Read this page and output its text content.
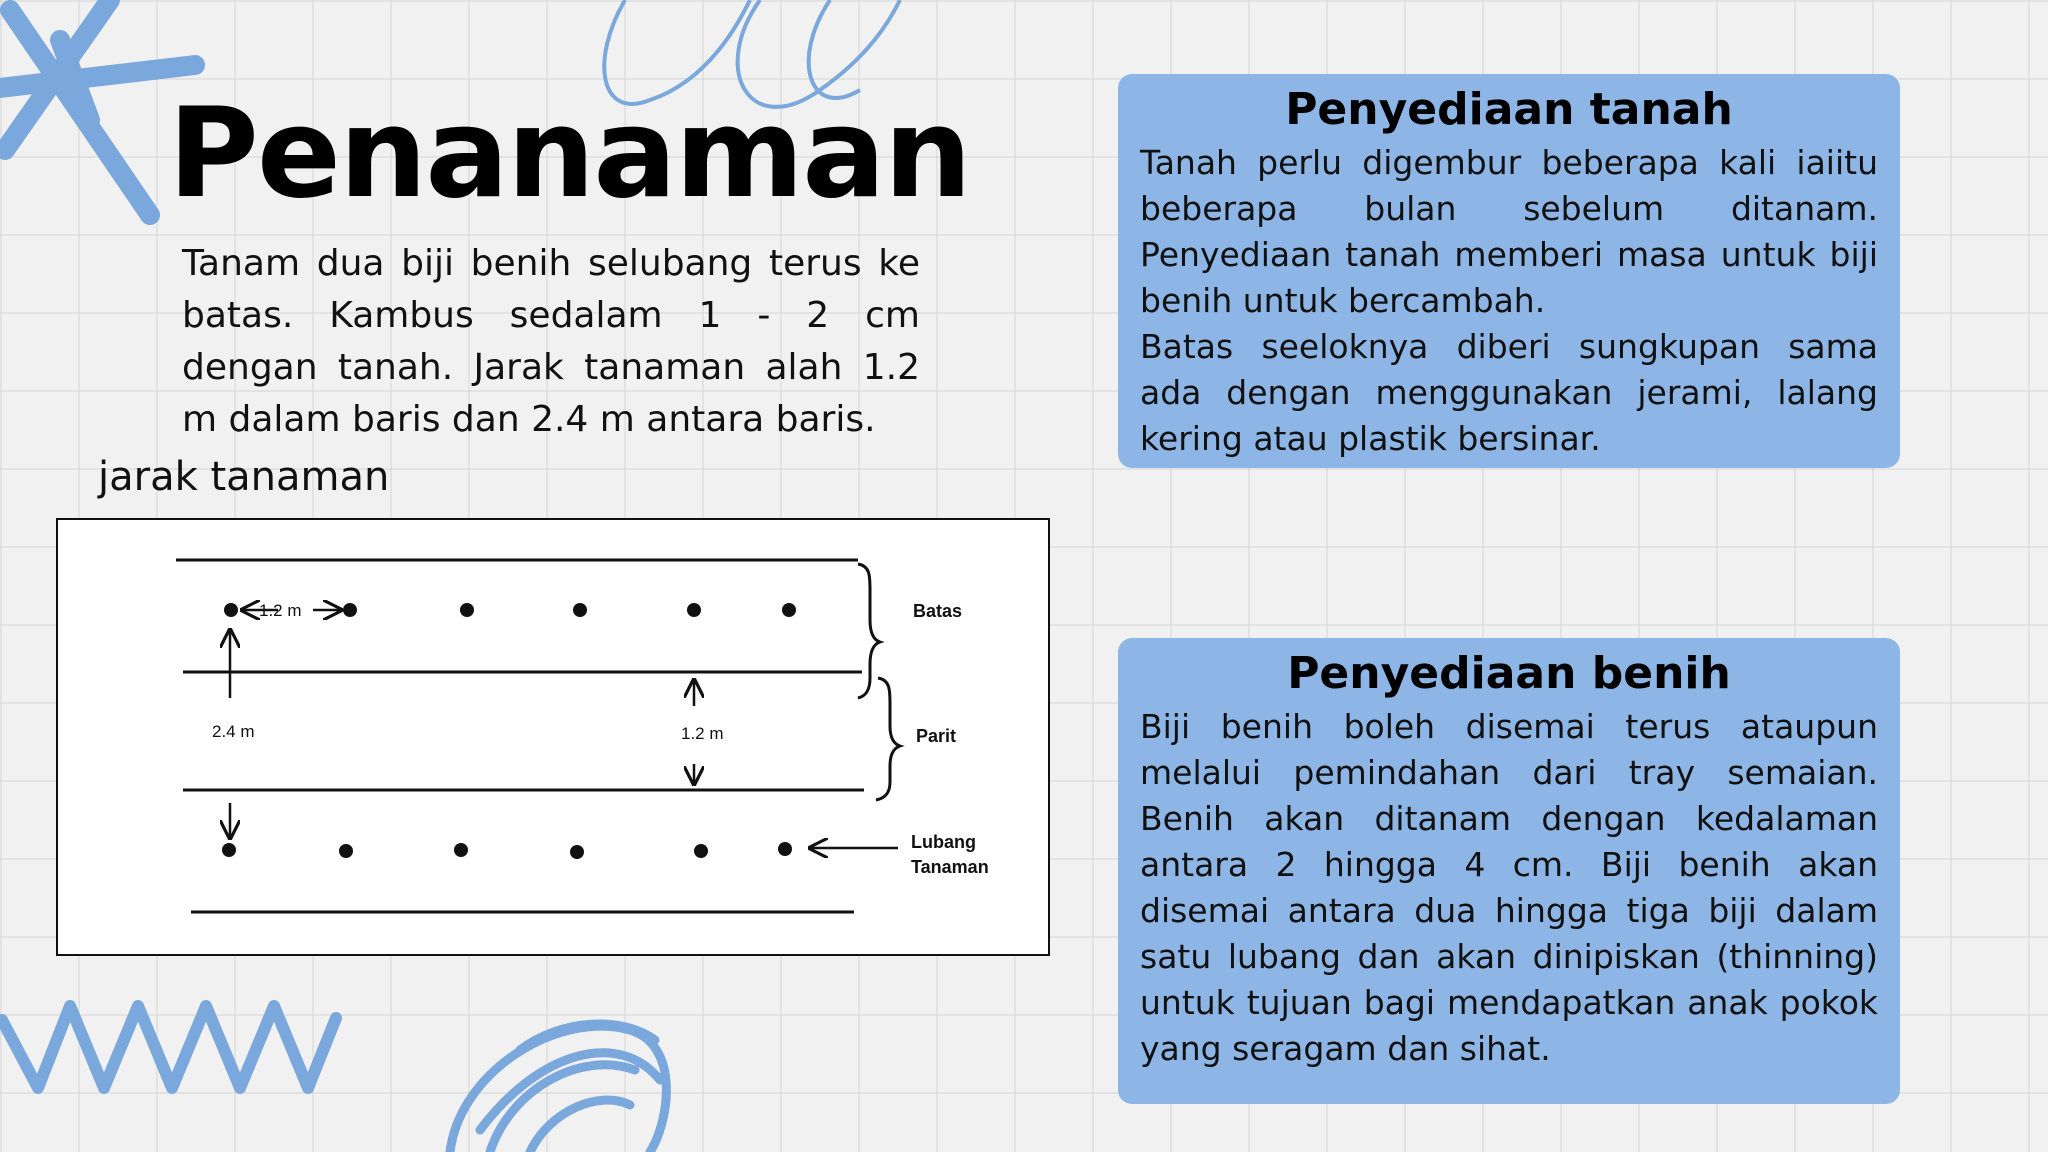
Penanaman

Tanam dua biji benih selubang terus ke batas. Kambus sedalam 1 - 2 cm dengan tanah. Jarak tanaman alah 1.2 m dalam baris dan 2.4 m antara baris.

jarak tanaman

1.2 m
2.4 m	1.2 m
Batas
Parit
Lubang
Tanaman
Penyediaan tanah

Tanah perlu digembur beberapa kali iaiitu beberapa bulan sebelum ditanam. Penyediaan tanah memberi masa untuk biji benih untuk bercambah.

Batas seeloknya diberi sungkupan sama ada dengan menggunakan jerami, lalang kering atau plastik bersinar.

Penyediaan benih

Biji benih boleh disemai terus ataupun melalui pemindahan dari tray semaian. Benih akan ditanam dengan kedalaman antara 2 hingga 4 cm. Biji benih akan disemai antara dua hingga tiga biji dalam satu lubang dan akan dinipiskan (thinning) untuk tujuan bagi mendapatkan anak pokok yang seragam dan sihat.
